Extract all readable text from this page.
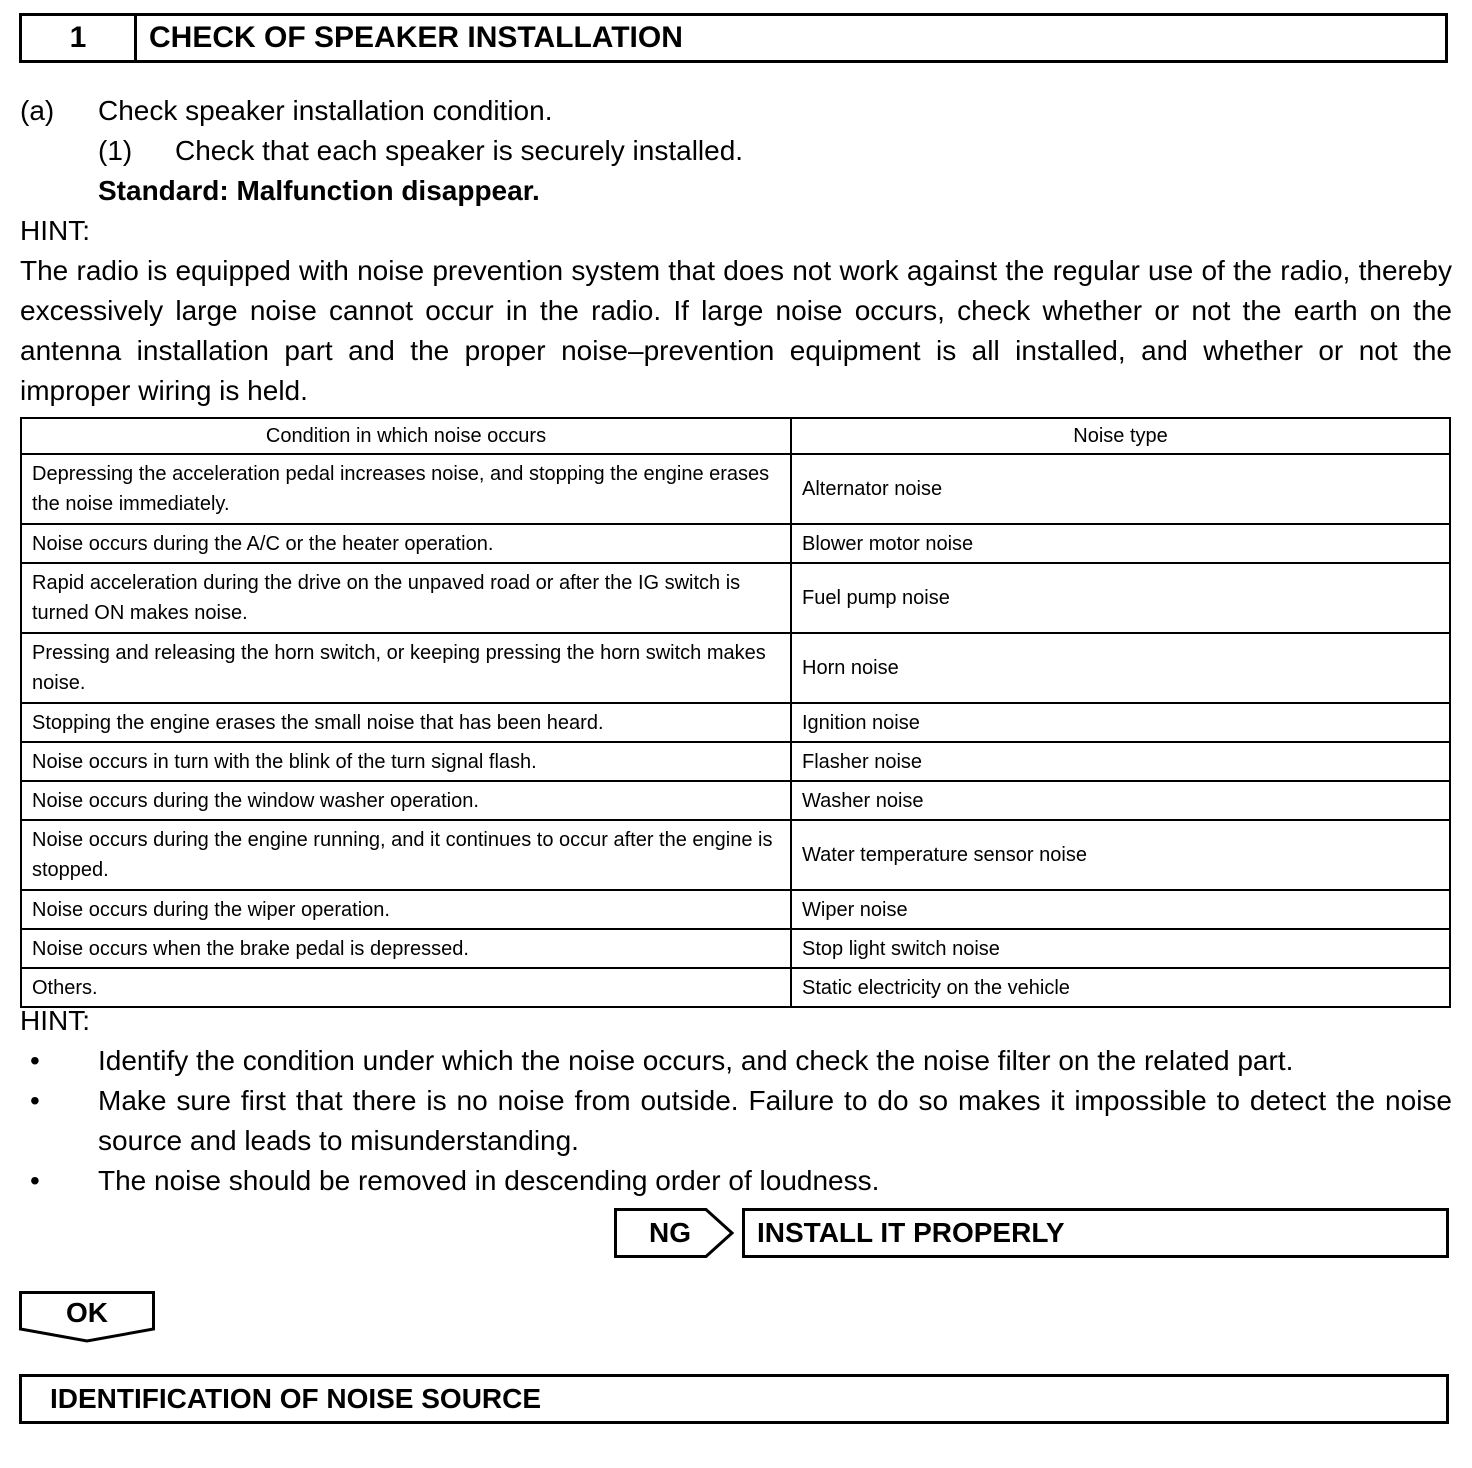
1	CHECK OF SPEAKER INSTALLATION
(a) Check speaker installation condition.
(1) Check that each speaker is securely installed.
Standard: Malfunction disappear.
HINT:
The radio is equipped with noise prevention system that does not work against the regular use of the radio, thereby excessively large noise cannot occur in the radio. If large noise occurs, check whether or not the earth on the antenna installation part and the proper noise–prevention equipment is all installed, and whether or not the improper wiring is held.
Condition in which noise occurs	Noise type
Depressing the acceleration pedal increases noise, and stopping the engine erases the noise immediately.	Alternator noise
Noise occurs during the A/C or the heater operation.	Blower motor noise
Rapid acceleration during the drive on the unpaved road or after the IG switch is turned ON makes noise.	Fuel pump noise
Pressing and releasing the horn switch, or keeping pressing the horn switch makes noise.	Horn noise
Stopping the engine erases the small noise that has been heard.	Ignition noise
Noise occurs in turn with the blink of the turn signal flash.	Flasher noise
Noise occurs during the window washer operation.	Washer noise
Noise occurs during the engine running, and it continues to occur after the engine is stopped.	Water temperature sensor noise
Noise occurs during the wiper operation.	Wiper noise
Noise occurs when the brake pedal is depressed.	Stop light switch noise
Others.	Static electricity on the vehicle
HINT:
• Identify the condition under which the noise occurs, and check the noise filter on the related part.
• Make sure first that there is no noise from outside. Failure to do so makes it impossible to detect the noise source and leads to misunderstanding.
• The noise should be removed in descending order of loudness.
NG	INSTALL IT PROPERLY
OK
IDENTIFICATION OF NOISE SOURCE
